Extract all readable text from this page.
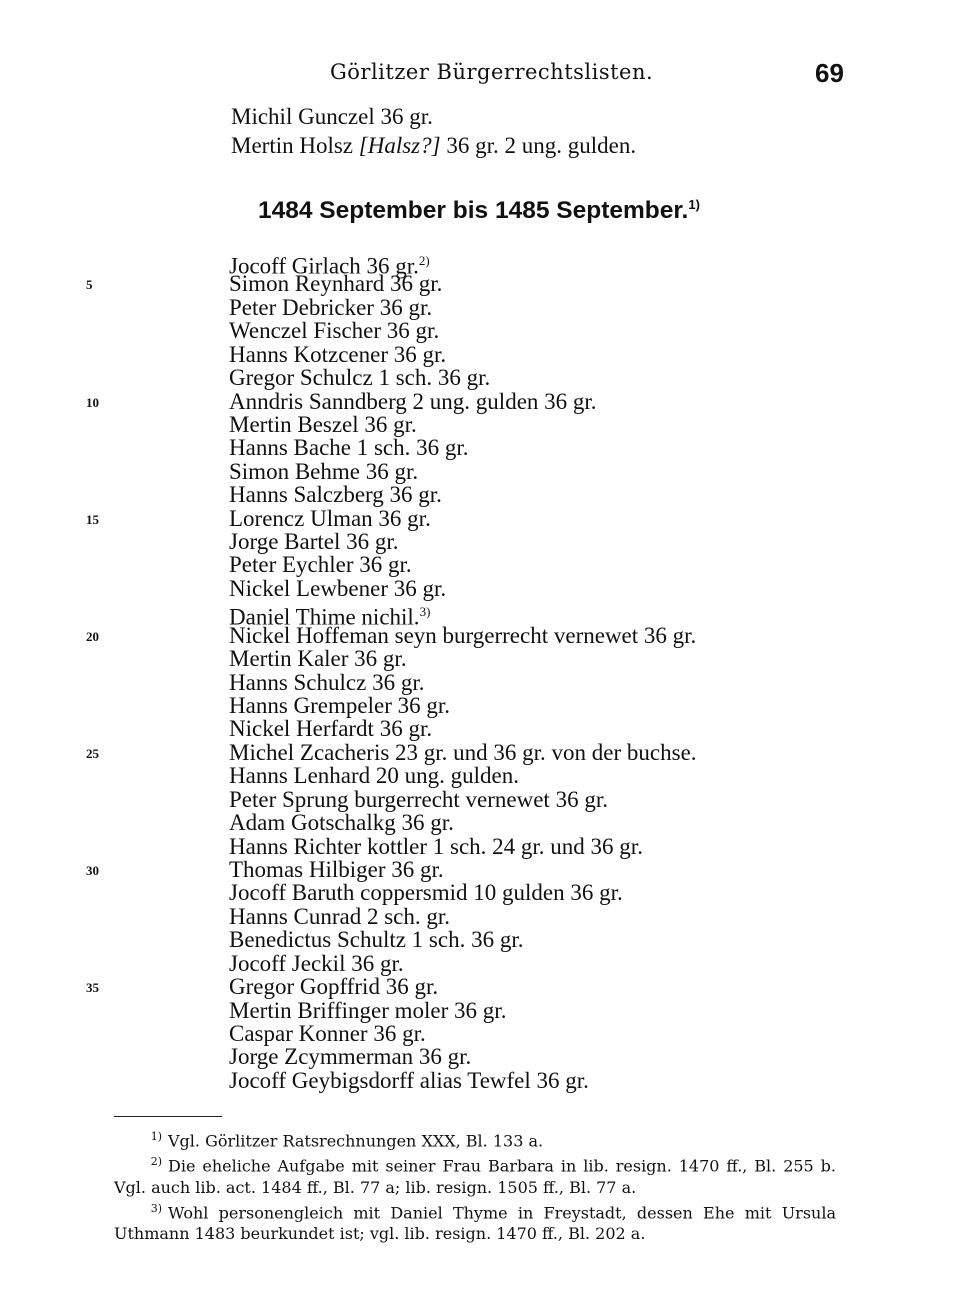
Görlitzer Bürgerrechtslisten.	69
Michil Gunczel 36 gr.
Mertin Holsz [Halsz?] 36 gr. 2 ung. gulden.
1484 September bis 1485 September.$^{1)}$
Jocoff Girlach 36 gr.$^{2)}$
Simon Reynhard 36 gr.
Peter Debricker 36 gr.
Wenczel Fischer 36 gr.
Hanns Kotzcener 36 gr.
Gregor Schulcz 1 sch. 36 gr.
Anndris Sanndberg 2 ung. gulden 36 gr.
Mertin Beszel 36 gr.
Hanns Bache 1 sch. 36 gr.
Simon Behme 36 gr.
Hanns Salczberg 36 gr.
Lorencz Ulman 36 gr.
Jorge Bartel 36 gr.
Peter Eychler 36 gr.
Nickel Lewbener 36 gr.
Daniel Thime nichil.$^{3)}$
Nickel Hoffeman seyn burgerrecht vernewet 36 gr.
Mertin Kaler 36 gr.
Hanns Schulcz 36 gr.
Hanns Grempeler 36 gr.
Nickel Herfardt 36 gr.
Michel Zcacheris 23 gr. und 36 gr. von der buchse.
Hanns Lenhard 20 ung. gulden.
Peter Sprung burgerrecht vernewet 36 gr.
Adam Gotschalkg 36 gr.
Hanns Richter kottler 1 sch. 24 gr. und 36 gr.
Thomas Hilbiger 36 gr.
Jocoff Baruth coppersmid 10 gulden 36 gr.
Hanns Cunrad 2 sch. gr.
Benedictus Schultz 1 sch. 36 gr.
Jocoff Jeckil 36 gr.
Gregor Gopffrid 36 gr.
Mertin Briffinger moler 36 gr.
Caspar Konner 36 gr.
Jorge Zcymmerman 36 gr.
Jocoff Geybigsdorff alias Tewfel 36 gr.
5
10
15
20
25
30
35
$^{1)}$ Vgl. Görlitzer Ratsrechnungen XXX, Bl. 133 a.
$^{2)}$ Die eheliche Aufgabe mit seiner Frau Barbara in lib. resign. 1470 ff., Bl. 255 b. Vgl. auch lib. act. 1484 ff., Bl. 77 a; lib. resign. 1505 ff., Bl. 77 a.
$^{3)}$ Wohl personengleich mit Daniel Thyme in Freystadt, dessen Ehe mit Ursula Uthmann 1483 beurkundet ist; vgl. lib. resign. 1470 ff., Bl. 202 a.
